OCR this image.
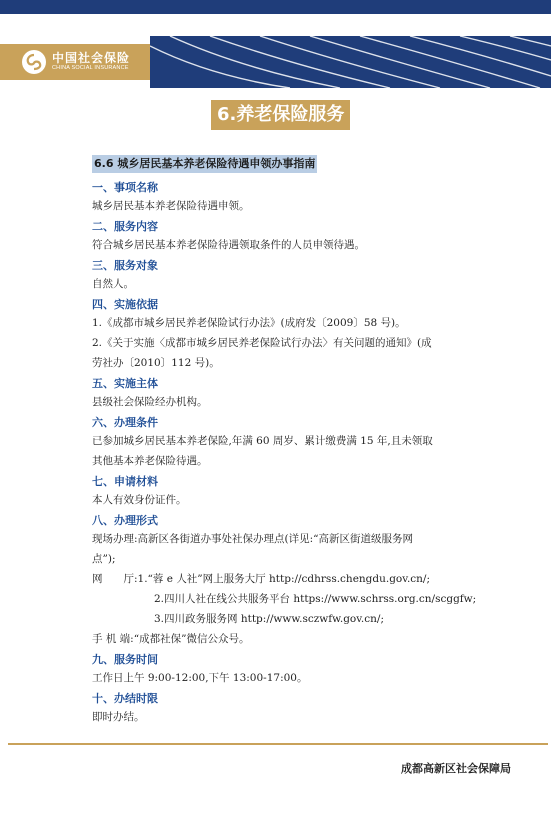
中国社会保险
CHINA SOCIAL INSURANCE
6.养老保险服务
6.6 城乡居民基本养老保险待遇申领办事指南
一、事项名称
城乡居民基本养老保险待遇申领。
二、服务内容
符合城乡居民基本养老保险待遇领取条件的人员申领待遇。
三、服务对象
自然人。
四、实施依据
1.《成都市城乡居民养老保险试行办法》(成府发〔2009〕58 号)。
2.《关于实施〈成都市城乡居民养老保险试行办法〉有关问题的通知》(成
劳社办〔2010〕112 号)。
五、实施主体
县级社会保险经办机构。
六、办理条件
已参加城乡居民基本养老保险,年满 60 周岁、累计缴费满 15 年,且未领取
其他基本养老保险待遇。
七、申请材料
本人有效身份证件。
八、办理形式
现场办理:高新区各街道办事处社保办理点(详见:“高新区街道级服务网
点”);
网　　厅:1.“蓉 e 人社”网上服务大厅 http://cdhrss.chengdu.gov.cn/;
2.四川人社在线公共服务平台 https://www.schrss.org.cn/scggfw;
3.四川政务服务网 http://www.sczwfw.gov.cn/;
手 机 端:“成都社保”微信公众号。
九、服务时间
工作日上午 9:00-12:00,下午 13:00-17:00。
十、办结时限
即时办结。
成都高新区社会保障局
